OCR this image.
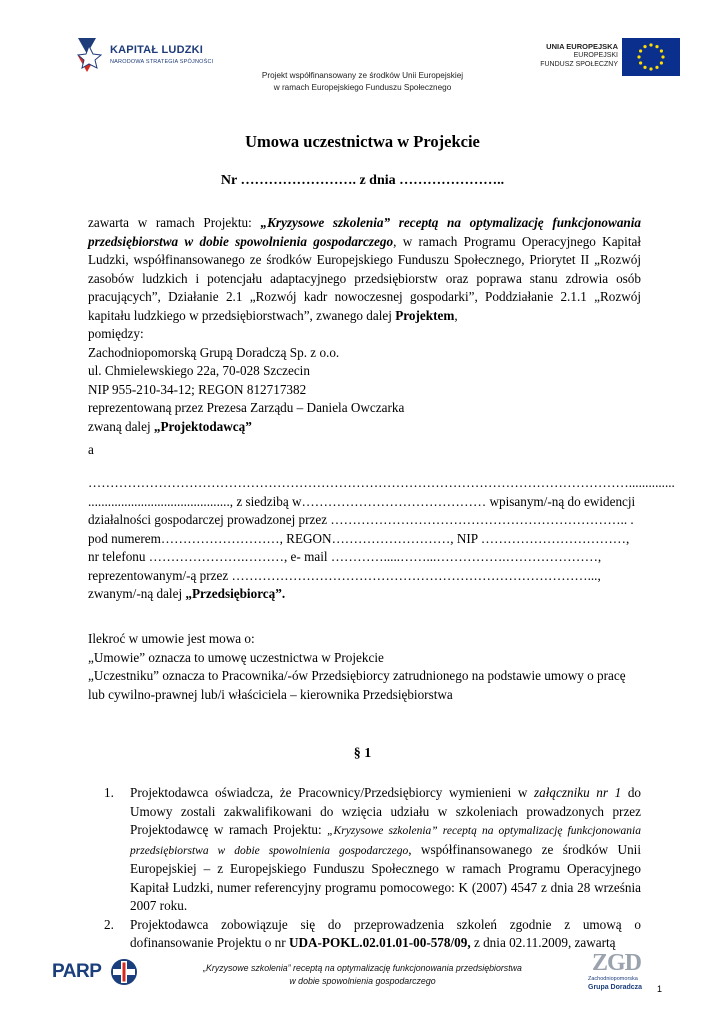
KAPITAŁ LUDZKI
NARODOWA STRATEGIA SPÓJNOŚCI
UNIA EUROPEJSKA
EUROPEJSKI
FUNDUSZ SPOŁECZNY
Projekt współfinansowany ze środków Unii Europejskiej
w ramach Europejskiego Funduszu Społecznego
Umowa uczestnictwa w Projekcie
Nr ……………………. z dnia …………………..
zawarta w ramach Projektu: „Kryzysowe szkolenia” receptą na optymalizację funkcjonowania przedsiębiorstwa w dobie spowolnienia gospodarczego, w ramach Programu Operacyjnego Kapitał Ludzki, współfinansowanego ze środków Europejskiego Funduszu Społecznego, Priorytet II „Rozwój zasobów ludzkich i potencjału adaptacyjnego przedsiębiorstw oraz poprawa stanu zdrowia osób pracujących”, Działanie 2.1 „Rozwój kadr nowoczesnej gospodarki”, Poddziałanie 2.1.1 „Rozwój kapitału ludzkiego w przedsiębiorstwach”, zwanego dalej Projektem,
pomiędzy:
Zachodniopomorską Grupą Doradczą Sp. z o.o.
ul. Chmielewskiego 22a, 70-028 Szczecin
NIP 955-210-34-12; REGON 812717382
reprezentowaną przez Prezesa Zarządu – Daniela Owczarka
zwaną dalej „Projektodawcą”
a
……………………………………………………………………………………………………………..............
..........................................., z siedzibą w…………………………………… wpisanym/-ną do ewidencji
działalności gospodarczej prowadzonej przez ………………………………………………………….. .
pod numerem………………………, REGON………………………, NIP ……………………………,
nr telefonu ………………….………, e- mail ………….....……...…………….…………………,
reprezentowanym/-ą przez ………………………………………………………………………...,
zwanym/-ną dalej „Przedsiębiorcą”.
Ilekroć w umowie jest mowa o:
„Umowie” oznacza to umowę uczestnictwa w Projekcie
„Uczestniku” oznacza to Pracownika/-ów Przedsiębiorcy zatrudnionego na podstawie umowy o pracę lub cywilno-prawnej lub/i właściciela – kierownika Przedsiębiorstwa
§ 1
1. Projektodawca oświadcza, że Pracownicy/Przedsiębiorcy wymienieni w załączniku nr 1 do Umowy zostali zakwalifikowani do wzięcia udziału w szkoleniach prowadzonych przez Projektodawcę w ramach Projektu: „Kryzysowe szkolenia” receptą na optymalizację funkcjonowania przedsiębiorstwa w dobie spowolnienia gospodarczego, współfinansowanego ze środków Unii Europejskiej – z Europejskiego Funduszu Społecznego w ramach Programu Operacyjnego Kapitał Ludzki, numer referencyjny programu pomocowego: K (2007) 4547 z dnia 28 września 2007 roku.
2. Projektodawca zobowiązuje się do przeprowadzenia szkoleń zgodnie z umową o dofinansowanie Projektu o nr UDA-POKL.02.01.01-00-578/09, z dnia 02.11.2009, zawartą
PARP	„Kryzysowe szkolenia” receptą na optymalizację funkcjonowania przedsiębiorstwa
w dobie spowolnienia gospodarczego
ZGD
Zachodniopomorska
Grupa Doradcza 1
